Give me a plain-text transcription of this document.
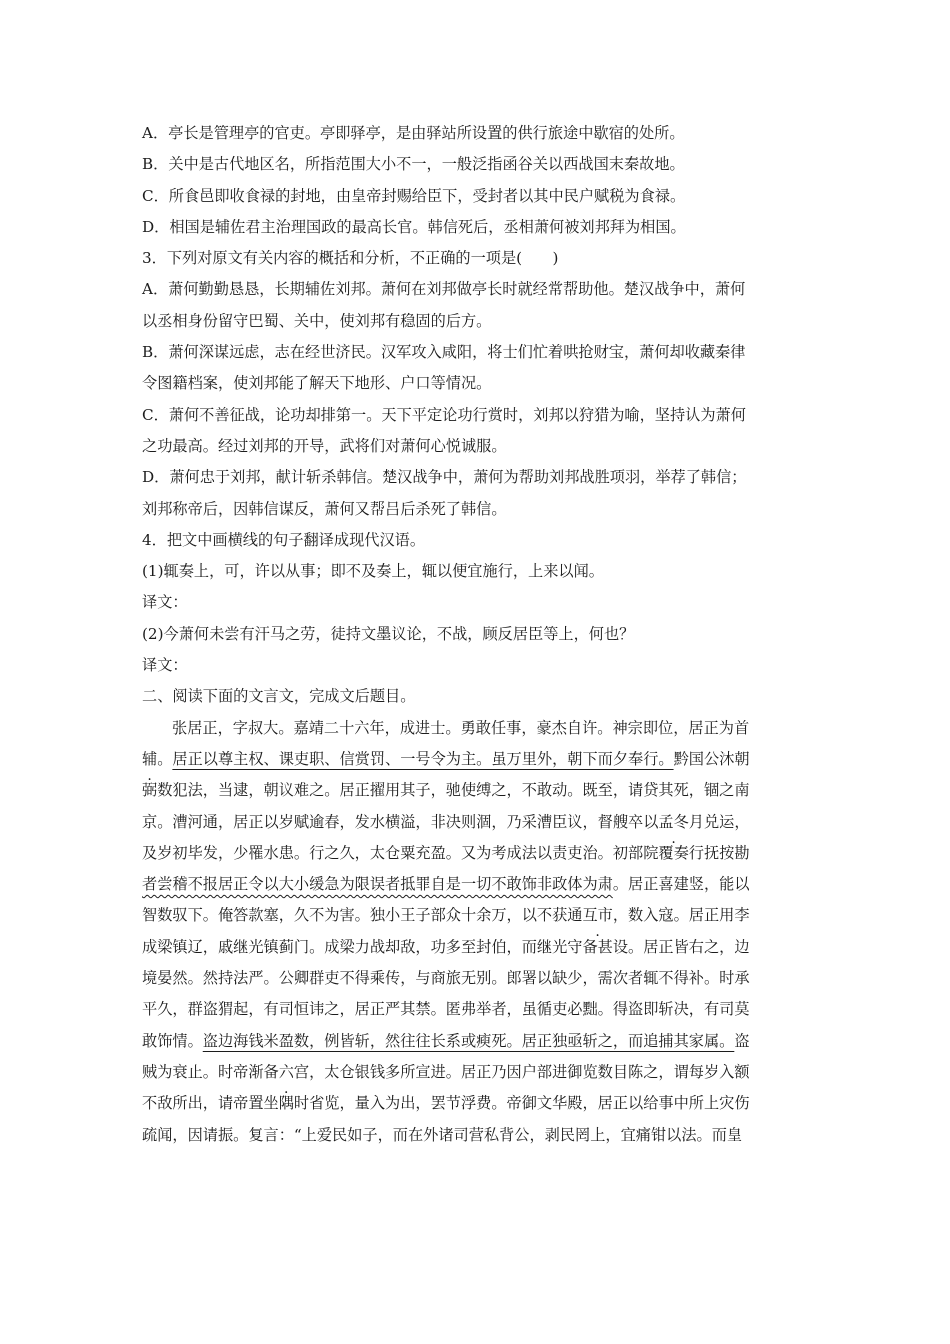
A．亭长是管理亭的官吏。亭即驿亭，是由驿站所设置的供行旅途中歇宿的处所。
B．关中是古代地区名，所指范围大小不一，一般泛指函谷关以西战国末秦故地。
C．所食邑即收食禄的封地，由皇帝封赐给臣下，受封者以其中民户赋税为食禄。
D．相国是辅佐君主治理国政的最高长官。韩信死后，丞相萧何被刘邦拜为相国。
3．下列对原文有关内容的概括和分析，不正确的一项是(　　)
A．萧何勤勤恳恳，长期辅佐刘邦。萧何在刘邦做亭长时就经常帮助他。楚汉战争中，萧何
以丞相身份留守巴蜀、关中，使刘邦有稳固的后方。
B．萧何深谋远虑，志在经世济民。汉军攻入咸阳，将士们忙着哄抢财宝，萧何却收藏秦律
令图籍档案，使刘邦能了解天下地形、户口等情况。
C．萧何不善征战，论功却排第一。天下平定论功行赏时，刘邦以狩猎为喻，坚持认为萧何
之功最高。经过刘邦的开导，武将们对萧何心悦诚服。
D．萧何忠于刘邦，献计斩杀韩信。楚汉战争中，萧何为帮助刘邦战胜项羽，举荐了韩信；
刘邦称帝后，因韩信谋反，萧何又帮吕后杀死了韩信。
4．把文中画横线的句子翻译成现代汉语。
(1)辄奏上，可，许以从事；即不及奏上，辄以便宜施行，上来以闻。
译文：
(2)今萧何未尝有汗马之劳，徒持文墨议论，不战，顾反居臣等上，何也？
译文：
二、阅读下面的文言文，完成文后题目。
张居正，字叔大。嘉靖二十六年，成进士。勇敢任事，豪杰自许。神宗即位，居正为首
辅。居正以尊主权、课吏职、信赏罚、一号令为主。虽万里外，朝下而夕奉行。黔国公沐朝
弼数犯法，当逮，朝议难之。居正擢用其子，驰使缚之，不敢动。既至，请贷其死，锢之南
京。漕河通，居正以岁赋逾春，发水横溢，非决则涸，乃采漕臣议，督艘卒以孟冬月兑运，
及岁初毕发，少罹水患。行之久，太仓粟充盈。又为考成法以责吏治。初部院覆奏行抚按勘
者尝稽不报居正令以大小缓急为限误者抵罪自是一切不敢饰非政体为肃。居正喜建竖，能以
智数驭下。俺答款塞，久不为害。独小王子部众十余万，以不获通互市，数入寇。居正用李
成梁镇辽，戚继光镇蓟门。成梁力战却敌，功多至封伯，而继光守备甚设。居正皆右之，边
境晏然。然持法严。公卿群吏不得乘传，与商旅无别。郎署以缺少，需次者辄不得补。时承
平久，群盗猬起，有司恒讳之，居正严其禁。匿弗举者，虽循吏必黜。得盗即斩决，有司莫
敢饰情。盗边海钱米盈数，例皆斩，然往往长系或瘐死。居正独亟斩之，而追捕其家属。盗
贼为衰止。时帝渐备六宫，太仓银钱多所宣进。居正乃因户部进御览数目陈之，谓每岁入额
不敌所出，请帝置坐隅时省览，量入为出，罢节浮费。帝御文华殿，居正以给事中所上灾伤
疏闻，因请振。复言：“上爱民如子，而在外诸司营私背公，剥民罔上，宜痛钳以法。而皇
